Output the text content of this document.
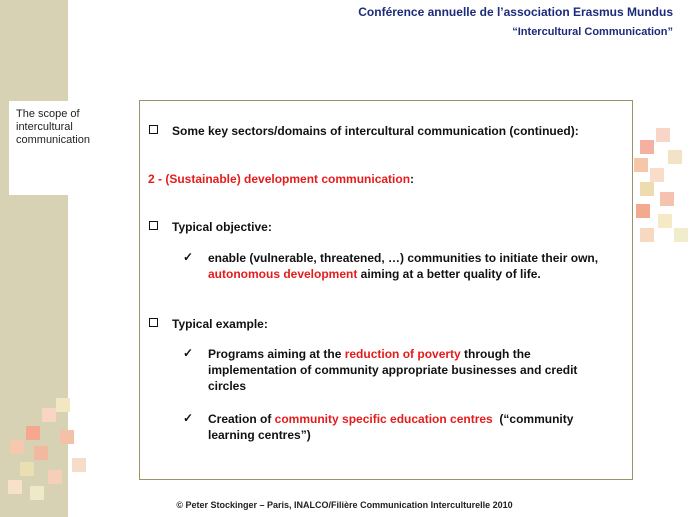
The scope of
intercultural
communication
Conférence annuelle de l’association Erasmus Mundus
“Intercultural Communication”
Some key sectors/domains of intercultural communication (continued):
2 - (Sustainable) development communication:
Typical objective:
✓ enable (vulnerable, threatened, …) communities to initiate their own,
autonomous development aiming at a better quality of life.
Typical example:
✓ Programs aiming at the reduction of poverty through the
implementation of community appropriate businesses and credit
circles
✓ Creation of community specific education centres  (“community
learning centres”)
© Peter Stockinger – Paris, INALCO/Filière Communication Interculturelle 2010
